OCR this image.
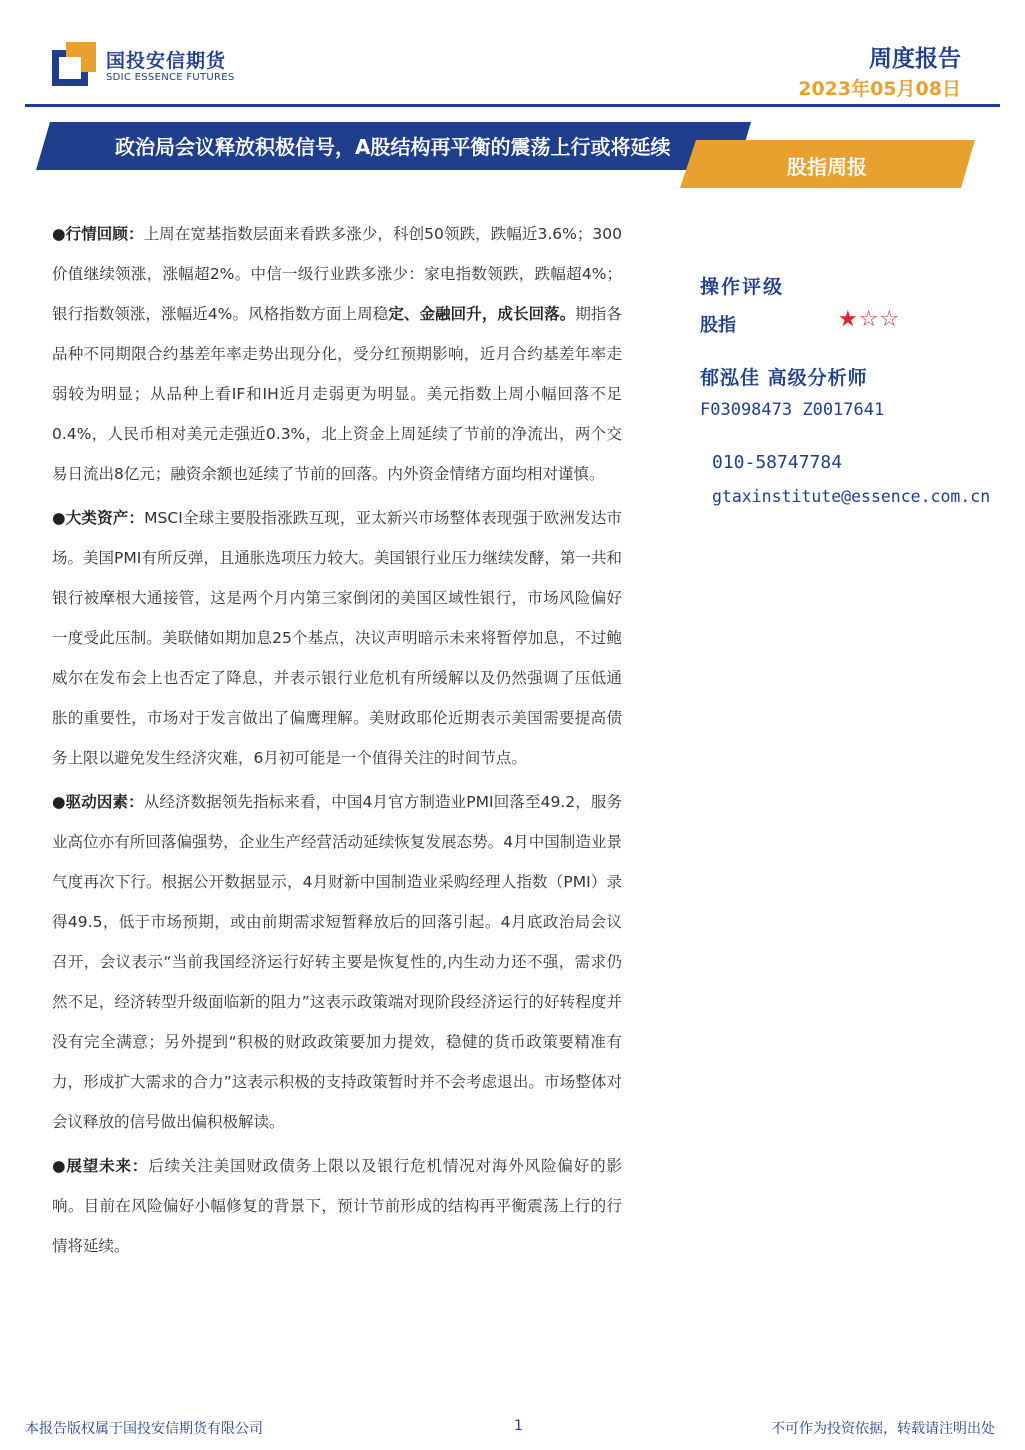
国投安信期货
SDIC ESSENCE FUTURES
周度报告
2023年05月08日
政治局会议释放积极信号，A股结构再平衡的震荡上行或将延续
股指周报

●行情回顾：上周在宽基指数层面来看跌多涨少，科创50领跌，跌幅近3.6%；300价值继续领涨，涨幅超2%。中信一级行业跌多涨少：家电指数领跌，跌幅超4%；银行指数领涨，涨幅近4%。风格指数方面上周稳定、金融回升，成长回落。期指各品种不同期限合约基差年率走势出现分化，受分红预期影响，近月合约基差年率走弱较为明显；从品种上看IF和IH近月走弱更为明显。美元指数上周小幅回落不足0.4%，人民币相对美元走强近0.3%，北上资金上周延续了节前的净流出，两个交易日流出8亿元；融资余额也延续了节前的回落。内外资金情绪方面均相对谨慎。

●大类资产：MSCI全球主要股指涨跌互现，亚太新兴市场整体表现强于欧洲发达市场。美国PMI有所反弹，且通胀选项压力较大。美国银行业压力继续发酵，第一共和银行被摩根大通接管，这是两个月内第三家倒闭的美国区域性银行，市场风险偏好一度受此压制。美联储如期加息25个基点，决议声明暗示未来将暂停加息，不过鲍威尔在发布会上也否定了降息，并表示银行业危机有所缓解以及仍然强调了压低通胀的重要性，市场对于发言做出了偏鹰理解。美财政耶伦近期表示美国需要提高债务上限以避免发生经济灾难，6月初可能是一个值得关注的时间节点。

●驱动因素：从经济数据领先指标来看，中国4月官方制造业PMI回落至49.2，服务业高位亦有所回落偏强势，企业生产经营活动延续恢复发展态势。4月中国制造业景气度再次下行。根据公开数据显示，4月财新中国制造业采购经理人指数（PMI）录得49.5，低于市场预期，或由前期需求短暂释放后的回落引起。4月底政治局会议召开，会议表示“当前我国经济运行好转主要是恢复性的,内生动力还不强，需求仍然不足，经济转型升级面临新的阻力”这表示政策端对现阶段经济运行的好转程度并没有完全满意；另外提到“积极的财政政策要加力提效，稳健的货币政策要精准有力，形成扩大需求的合力”这表示积极的支持政策暂时并不会考虑退出。市场整体对会议释放的信号做出偏积极解读。

●展望未来：后续关注美国财政债务上限以及银行危机情况对海外风险偏好的影响。目前在风险偏好小幅修复的背景下，预计节前形成的结构再平衡震荡上行的行情将延续。

操作评级
股指	★☆☆
郁泓佳 高级分析师
F03098473 Z0017641
010-58747784
gtaxinstitute@essence.com.cn
本报告版权属于国投安信期货有限公司	1	不可作为投资依据，转载请注明出处
